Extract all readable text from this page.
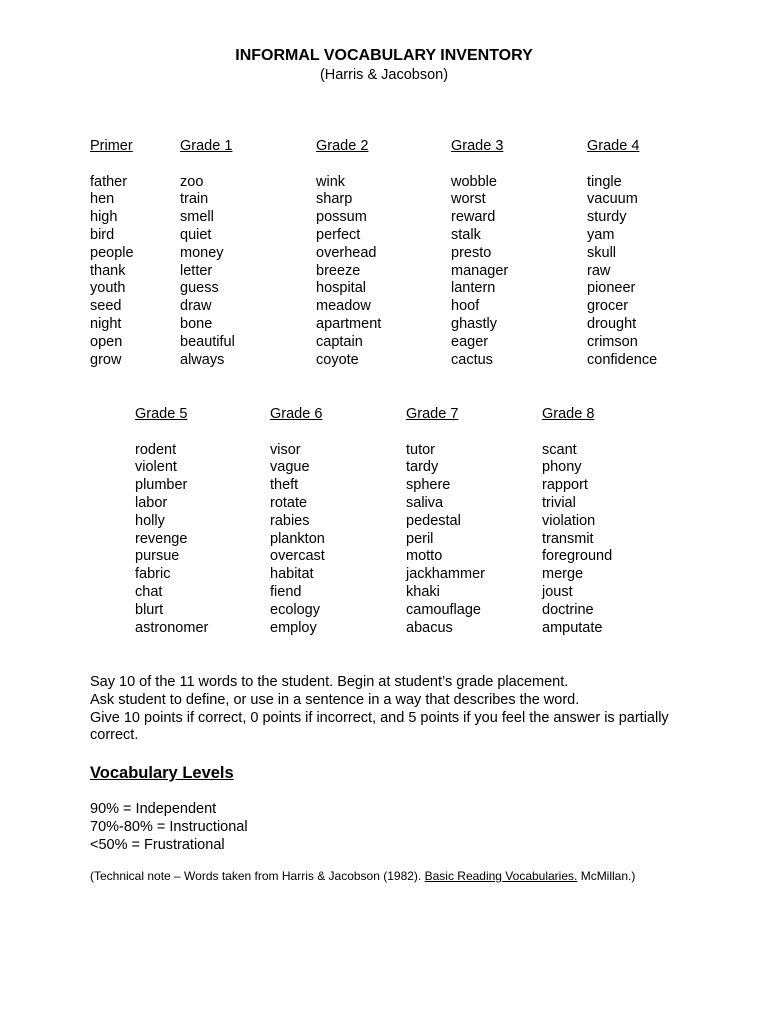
INFORMAL VOCABULARY INVENTORY
(Harris & Jacobson)
Primer
father
hen
high
bird
people
thank
youth
seed
night
open
grow
Grade 1
zoo
train
smell
quiet
money
letter
guess
draw
bone
beautiful
always
Grade 2
wink
sharp
possum
perfect
overhead
breeze
hospital
meadow
apartment
captain
coyote
Grade 3
wobble
worst
reward
stalk
presto
manager
lantern
hoof
ghastly
eager
cactus
Grade 4
tingle
vacuum
sturdy
yam
skull
raw
pioneer
grocer
drought
crimson
confidence
Grade 5
rodent
violent
plumber
labor
holly
revenge
pursue
fabric
chat
blurt
astronomer
Grade 6
visor
vague
theft
rotate
rabies
plankton
overcast
habitat
fiend
ecology
employ
Grade 7
tutor
tardy
sphere
saliva
pedestal
peril
motto
jackhammer
khaki
camouflage
abacus
Grade 8
scant
phony
rapport
trivial
violation
transmit
foreground
merge
joust
doctrine
amputate

Say 10 of the 11 words to the student. Begin at student’s grade placement.

Ask student to define, or use in a sentence in a way that describes the word.

Give 10 points if correct, 0 points if incorrect, and 5 points if you feel the answer is partially correct.

Vocabulary Levels

90% = Independent

70%-80% = Instructional

<50% = Frustrational

(Technical note – Words taken from Harris & Jacobson (1982). Basic Reading Vocabularies. McMillan.)
